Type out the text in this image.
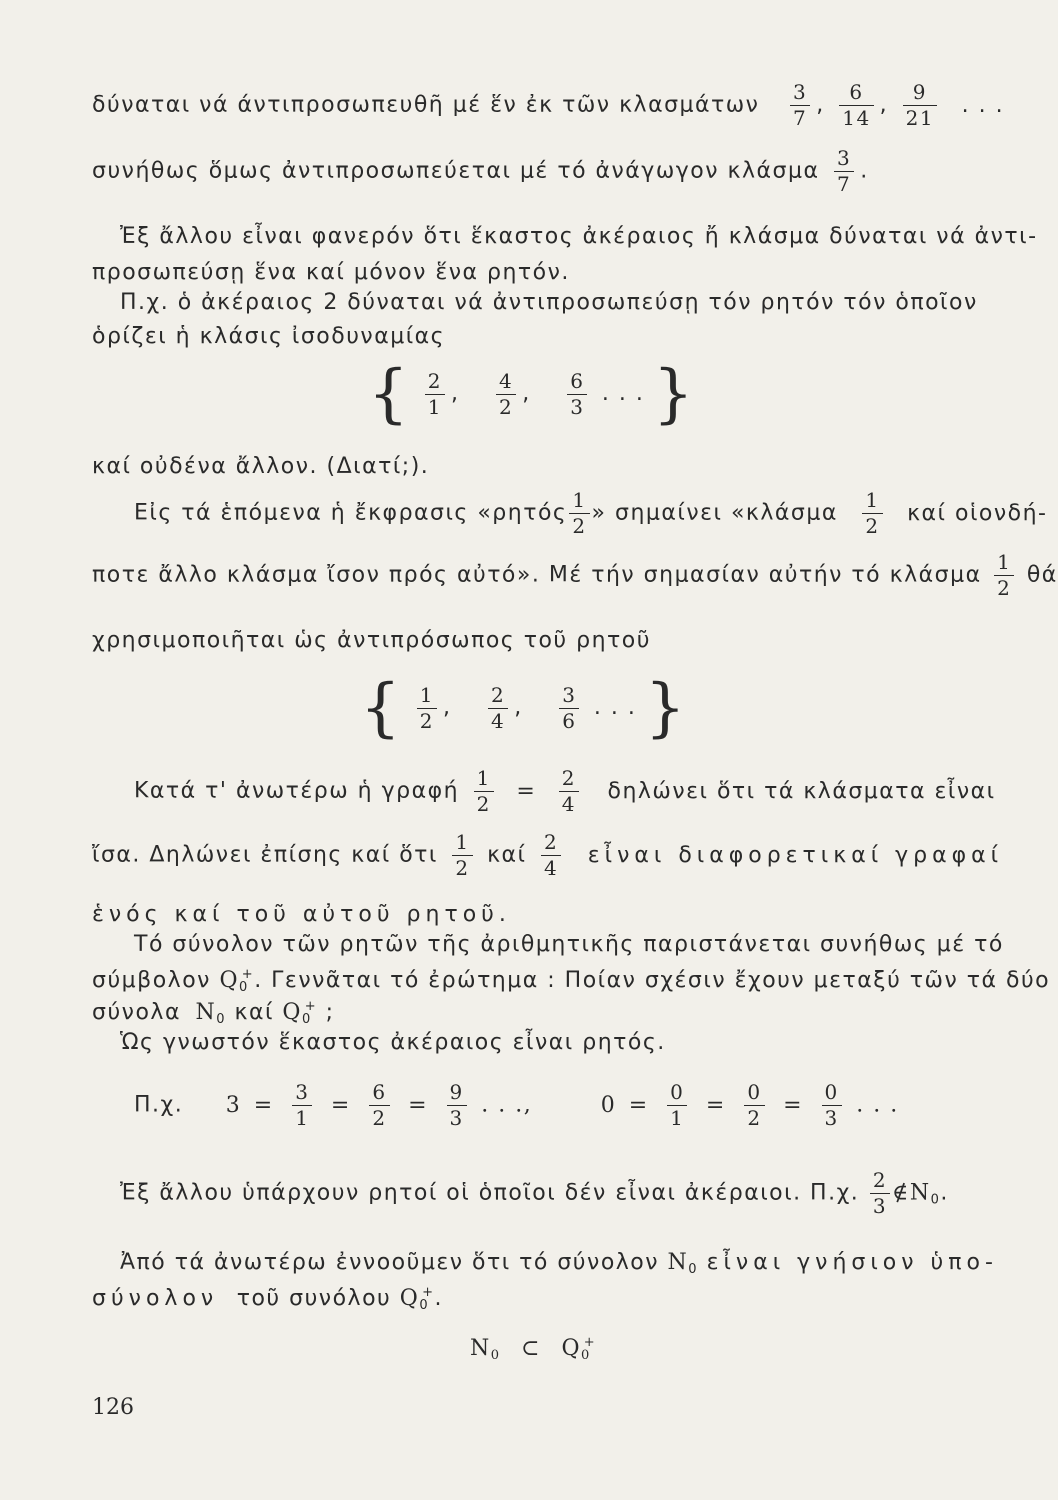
δύναται νά άντιπροσωπευθῆ μέ ἕν ἐκ τῶν κλασμάτων $\frac{3}{7}$ , $\frac{6}{14}$ , $\frac{9}{21}$ . . .
συνήθως ὅμως ἀντιπροσωπεύεται μέ τό ἀνάγωγον κλάσμα $\frac{3}{7}$ .
Ἐξ ἄλλου εἶναι φανερόν ὅτι ἕκαστος ἀκέραιος ἤ κλάσμα δύναται νά ἀντι-
προσωπεύσῃ ἕνα καί μόνον ἕνα ρητόν.
Π.χ. ὁ ἀκέραιος 2 δύναται νά ἀντιπροσωπεύσῃ τόν ρητόν τόν ὁποῖον
ὁρίζει ἡ κλάσις ἰσοδυναμίας
{ $\frac{2}{1}$ , $\frac{4}{2}$ , $\frac{6}{3}$ . . . }
καί οὐδένα ἄλλον. (Διατί;).
Εἰς τά ἑπόμενα ἡ ἔκφρασις «$\rho\eta\tau ό\varsigma \frac{1}{2}$ » σημαίνει «$\kappa\lambda ά\sigma\mu\alpha \frac{1}{2}$ καί οἱονδή-
ποτε ἄλλο κλάσμα ἴσον πρός αὐτό». Μέ τήν σημασίαν αὐτήν τό κλάσμα $\frac{1}{2}$ θά
χρησιμοποιῆται ὡς ἀντιπρόσωπος τοῦ ρητοῦ
{ $\frac{1}{2}$ , $\frac{2}{4}$ , $\frac{3}{6}$ . . . }
Κατά τ' ἀνωτέρω ἡ γραφή $\frac{1}{2} = \frac{2}{4}$ δηλώνει ὅτι τά κλάσματα εἶναι
ἴσα. Δηλώνει ἐπίσης καί ὅτι $\frac{1}{2}$ καί $\frac{2}{4}$ εἶναι διαφορετικαί γραφαί
ἑνός καί τοῦ αὐτοῦ ρητοῦ.
Τό σύνολον τῶν ρητῶν τῆς ἀριθμητικῆς παριστάνεται συνήθως μέ τό
σύμβολον $Q_0^+$. Γεννᾶται τό ἐρώτημα : Ποίαν σχέσιν ἔχουν μεταξύ τῶν τά δύο
σύνολα $N_0$ καί $Q_0^+$ ;
Ὡς γνωστόν ἕκαστος ἀκέραιος εἶναι ρητός.
Π.χ. $3 = \frac{3}{1} = \frac{6}{2} = \frac{9}{3}$ . . .,	$0 = \frac{0}{1} = \frac{0}{2} = \frac{0}{3}$ . . .
Ἐξ ἄλλου ὑπάρχουν ρητοί οἱ ὁποῖοι δέν εἶναι ἀκέραιοι. Π.χ. $\frac{2}{3}$ $\notin N_0$.
Ἀπό τά ἀνωτέρω ἐννοοῦμεν ὅτι τό σύνολον $N_0$ εἶναι γνήσιον ὑπο-
σύνολον τοῦ συνόλου $Q_0^+$.
$N_0$ ⊂ $Q_0^+$
126
